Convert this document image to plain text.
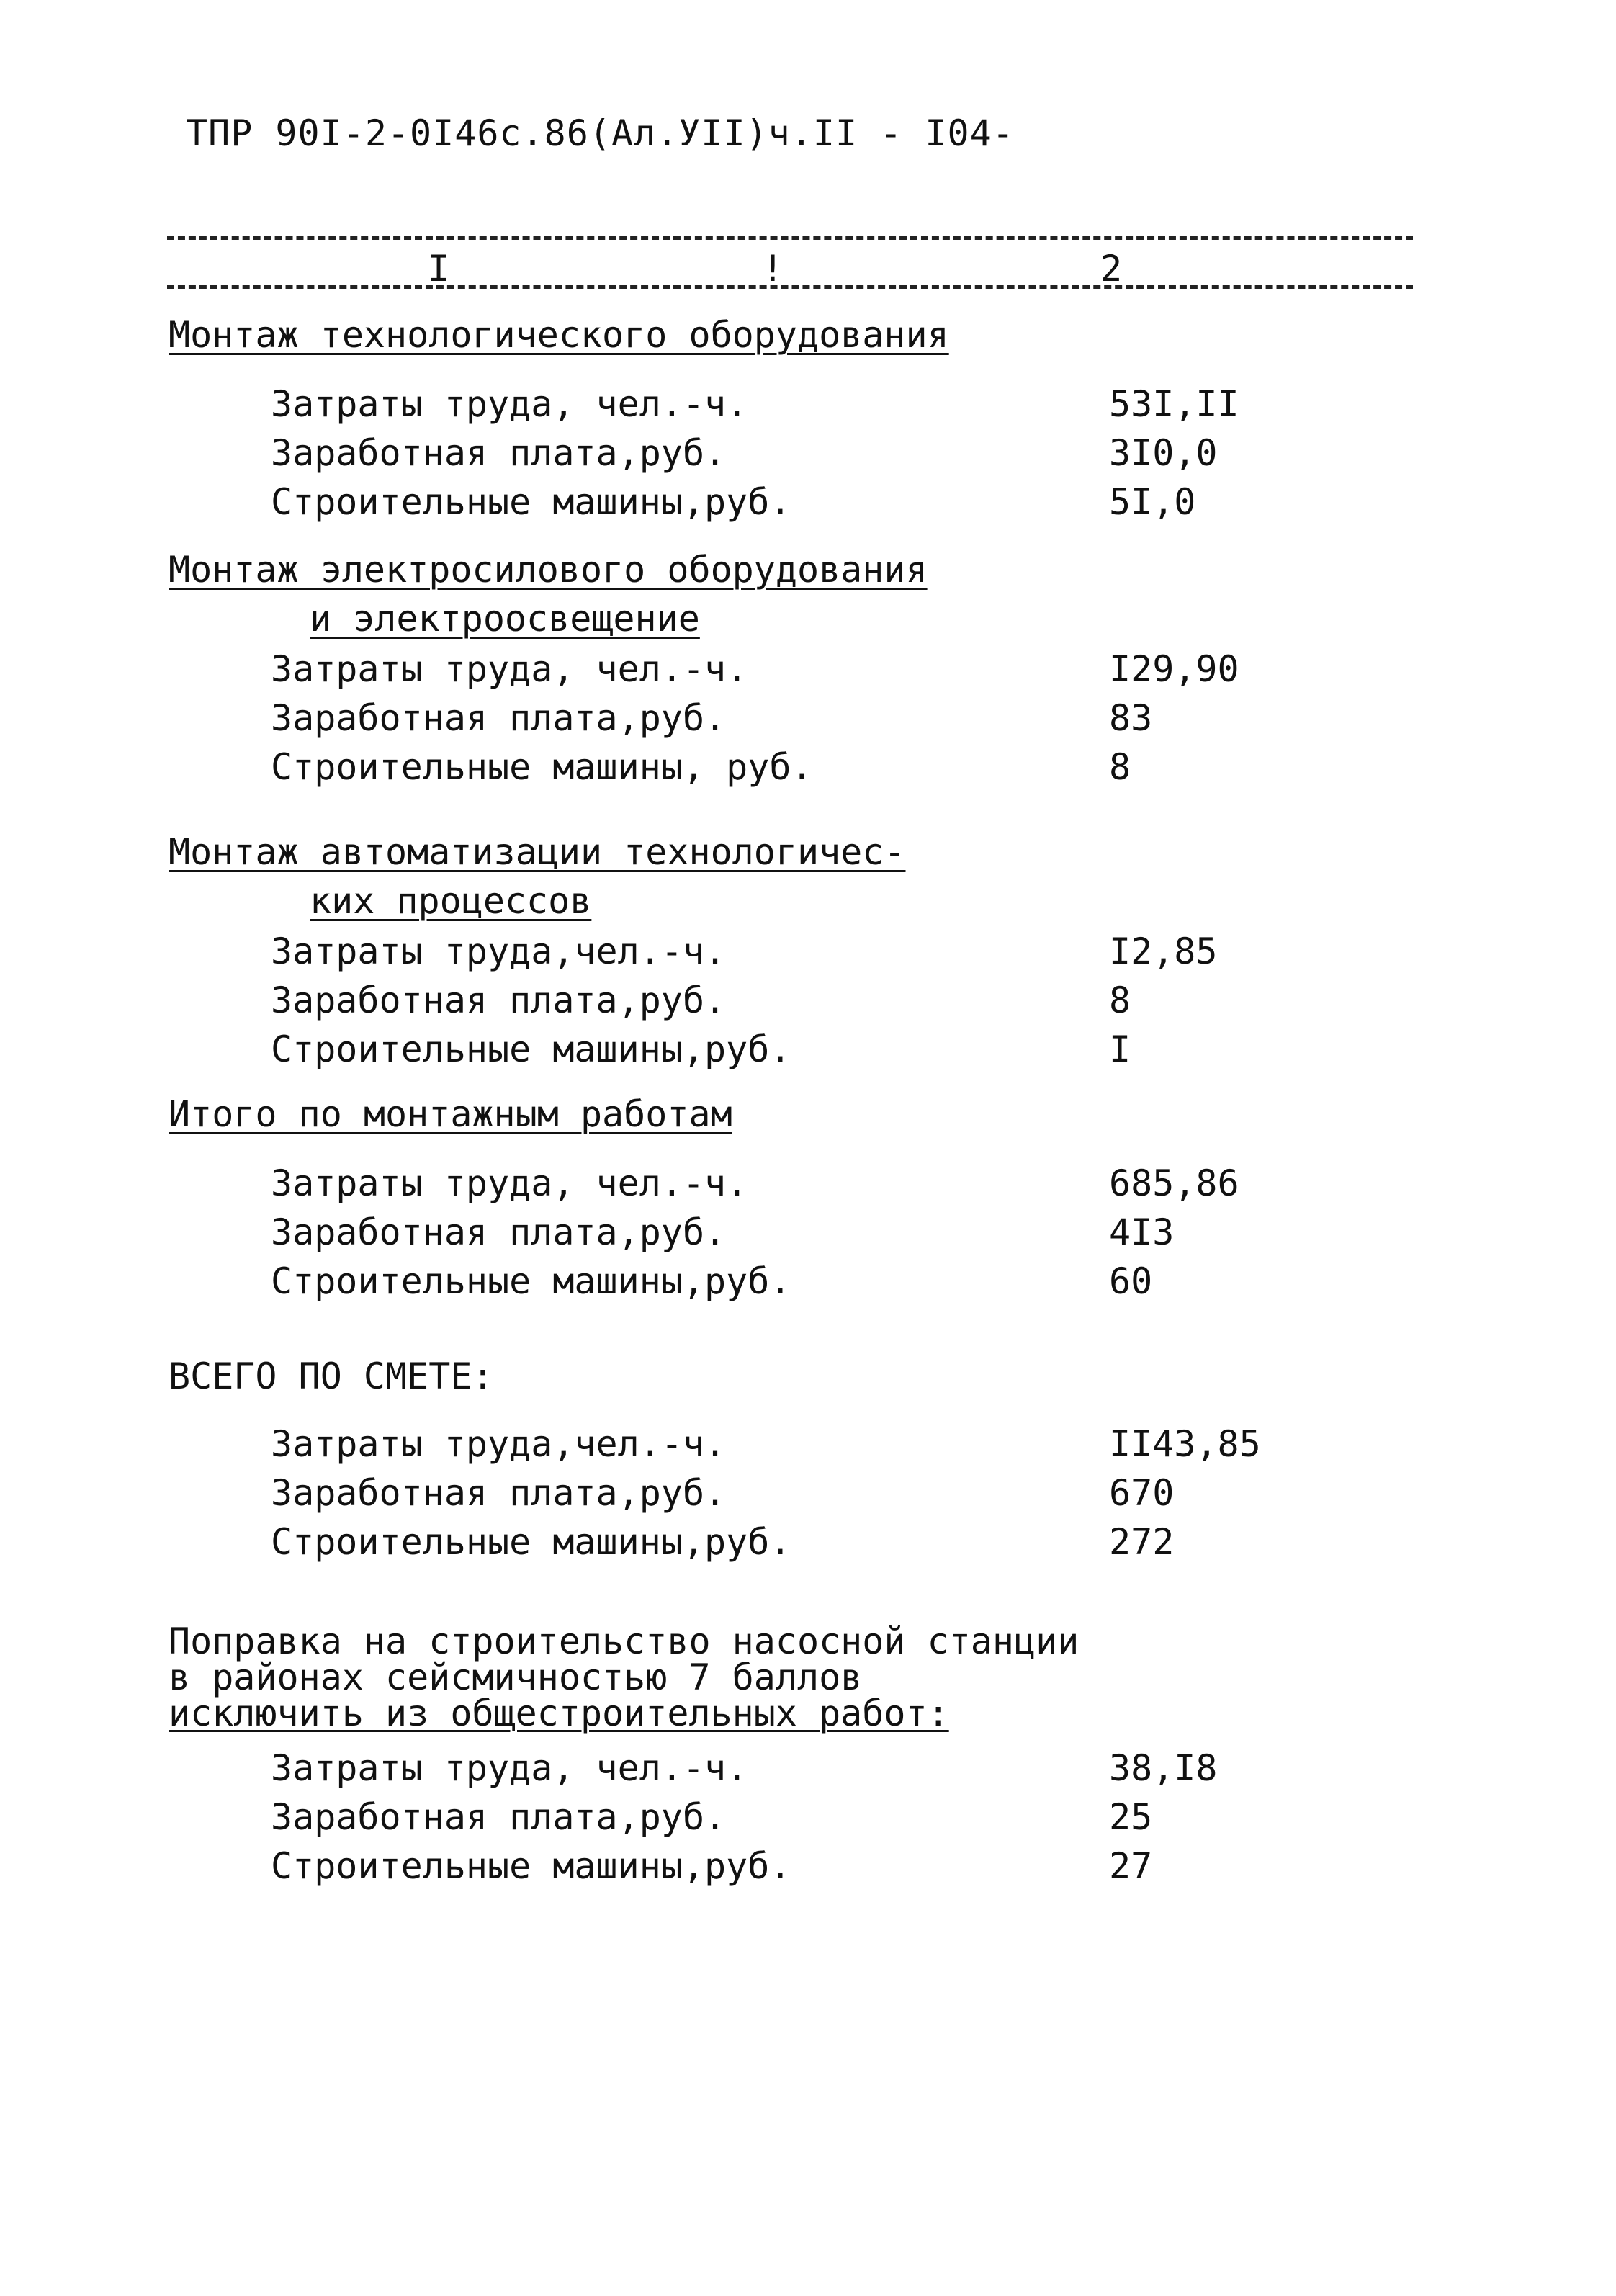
ТПР 90I-2-0I46с.86(Ал.УII)ч.II - I04-
I	!	2
Монтаж технологического оборудования
Затраты труда, чел.-ч.	53I,II
Заработная плата,руб.	3I0,0
Строительные машины,руб.	5I,0
Монтаж электросилового оборудования
и электроосвещение
Затраты труда, чел.-ч.	I29,90
Заработная плата,руб.	83
Строительные машины, руб.	8
Монтаж автоматизации технологичес-
ких процессов
Затраты труда,чел.-ч.	I2,85
Заработная плата,руб.	8
Строительные машины,руб.	I
Итого по монтажным работам
Затраты труда, чел.-ч.	685,86
Заработная плата,руб.	4I3
Строительные машины,руб.	60
ВСЕГО ПО СМЕТЕ:
Затраты труда,чел.-ч.	II43,85
Заработная плата,руб.	670
Строительные машины,руб.	272
Поправка на строительство насосной станции
в районах сейсмичностью 7 баллов
исключить из общестроительных работ:
Затраты труда, чел.-ч.	38,I8
Заработная плата,руб.	25
Строительные машины,руб.	27
